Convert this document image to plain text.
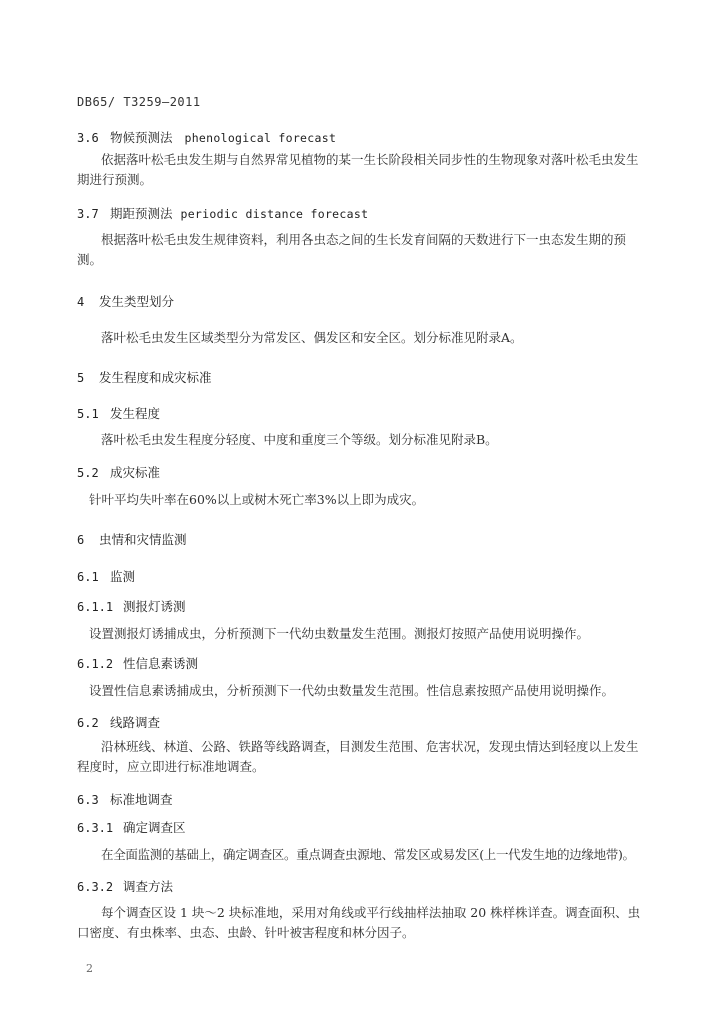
DB65/ T3259—2011
3.6 物候预测法 phenological forecast
依据落叶松毛虫发生期与自然界常见植物的某一生长阶段相关同步性的生物现象对落叶松毛虫发生期进行预测。
3.7 期距预测法 periodic distance forecast
根据落叶松毛虫发生规律资料，利用各虫态之间的生长发育间隔的天数进行下一虫态发生期的预测。
4 发生类型划分
落叶松毛虫发生区域类型分为常发区、偶发区和安全区。划分标准见附录A。
5 发生程度和成灾标准
5.1 发生程度
落叶松毛虫发生程度分轻度、中度和重度三个等级。划分标准见附录B。
5.2 成灾标准
针叶平均失叶率在60%以上或树木死亡率3%以上即为成灾。
6 虫情和灾情监测
6.1 监测
6.1.1 测报灯诱测
设置测报灯诱捕成虫，分析预测下一代幼虫数量发生范围。测报灯按照产品使用说明操作。
6.1.2 性信息素诱测
设置性信息素诱捕成虫，分析预测下一代幼虫数量发生范围。性信息素按照产品使用说明操作。
6.2 线路调查
沿林班线、林道、公路、铁路等线路调查，目测发生范围、危害状况，发现虫情达到轻度以上发生程度时，应立即进行标准地调查。
6.3 标准地调查
6.3.1 确定调查区
在全面监测的基础上，确定调查区。重点调查虫源地、常发区或易发区(上一代发生地的边缘地带)。
6.3.2 调查方法
每个调查区设 1 块～2 块标准地，采用对角线或平行线抽样法抽取 20 株样株详查。调查面积、虫口密度、有虫株率、虫态、虫龄、针叶被害程度和林分因子。
2
